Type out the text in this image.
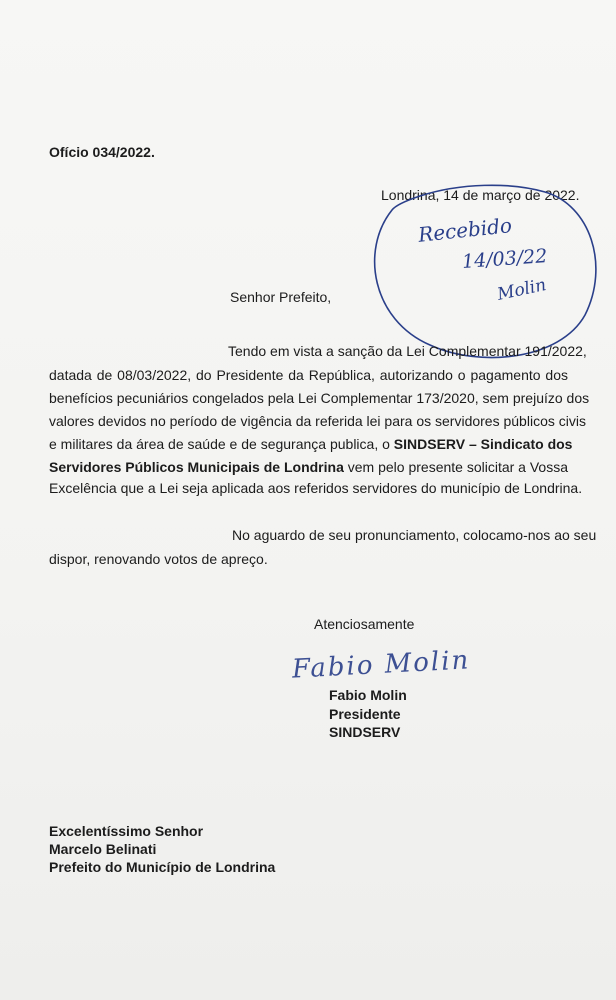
Ofício 034/2022.
Londrina, 14 de março de 2022.
Recebido
14/03/22
Molin
Senhor Prefeito,
Tendo em vista a sanção da Lei Complementar 191/2022,
datada de 08/03/2022, do Presidente da República, autorizando o pagamento dos
benefícios pecuniários congelados pela Lei Complementar 173/2020, sem prejuízo dos
valores devidos no período de vigência da referida lei para os servidores públicos civis
e militares da área de saúde e de segurança publica, o SINDSERV – Sindicato dos
Servidores Públicos Municipais de Londrina vem pelo presente solicitar a Vossa
Excelência que a Lei seja aplicada aos referidos servidores do município de Londrina.
No aguardo de seu pronunciamento, colocamo-nos ao seu
dispor, renovando votos de apreço.
Atenciosamente
Fabio Molin
Fabio Molin
Presidente
SINDSERV
Excelentíssimo Senhor
Marcelo Belinati
Prefeito do Município de Londrina
